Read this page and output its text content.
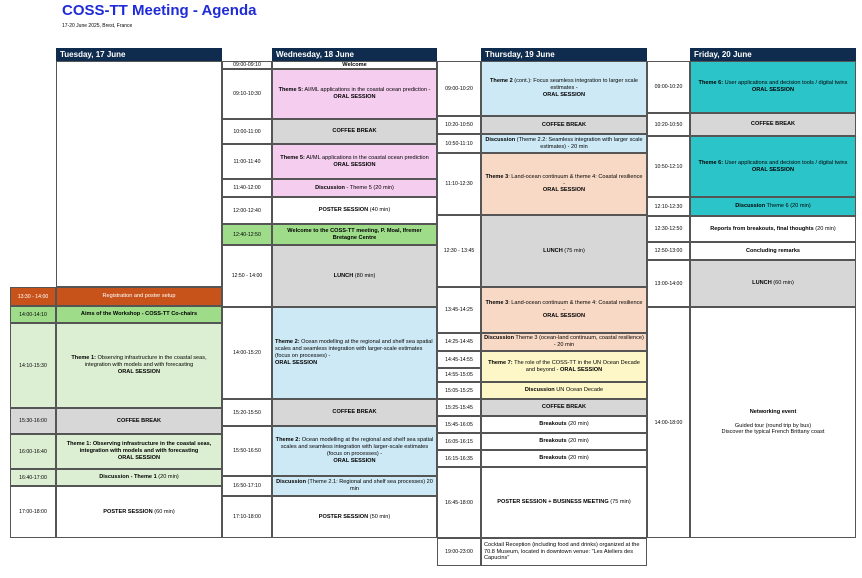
COSS-TT Meeting - Agenda
17-20 June 2025, Brest, France
Tuesday, 17 June	Wednesday, 18 June	Thursday, 19 June	Friday, 20 June
13:30 - 14:00	Registration and poster setup
14:00-14:10	Aims of the Workshop - COSS-TT Co-chairs
14:10-15:30
Theme 1: Observing infrastructure in the coastal seas, integration with models and with forecasting
ORAL SESSION
15:30-16:00	COFFEE BREAK
16:00-16:40
Theme 1: Observing infrastructure in the coastal seas, integration with models and with forecasting
ORAL SESSION
16:40-17:00	Discussion - Theme 1 (20 min)
17:00-18:00	POSTER SESSION (60 min)
09:00-09:10	Welcome
09:10-10:30
Theme 5: AI/ML applications in the coastal ocean prediction -
ORAL SESSION
10:00-11:00	COFFEE BREAK
11:00-11:40
Theme 5: AI/ML applications in the coastal ocean prediction
ORAL SESSION
11:40-12:00	Discussion - Theme 5 (20 min)
12:00-12:40	POSTER SESSION (40 min)
12:40-12:50
Welcome to the COSS-TT meeting, P. Moal, Ifremer Bretagne Centre
12:50 - 14:00	LUNCH (80 min)
14:00-15:20
Theme 2: Ocean modelling at the regional and shelf sea spatial scales and seamless integration with larger-scale estimates (focus on processes) -
ORAL SESSION
15:20-15:50	COFFEE BREAK
15:50-16:50
Theme 2: Ocean modelling at the regional and shelf sea spatial scales and seamless integration with larger-scale estimates (focus on processes) -
ORAL SESSION
16:50-17:10
Discussion (Theme 2.1: Regional and shelf sea processes) 20 min
17:10-18:00	POSTER SESSION (50 min)
09:00-10:20
Theme 2 (cont.): Focus seamless integration to larger scale estimates -
ORAL SESSION
10:20-10:50	COFFEE BREAK
10:50-11:10
Discussion (Theme 2.2: Seamless integration with larger scale estimates) - 20 min
11:10-12:30
Theme 3: Land-ocean continuum & theme 4: Coastal resilience -
ORAL SESSION
12:30 - 13:45	LUNCH (75 min)
13:45-14:25
Theme 3: Land-ocean continuum & theme 4: Coastal resilience -
ORAL SESSION
14:25-14:45
Discussion Theme 3 (ocean-land continuum, coastal resilience) - 20 min
14:45-14:55
14:55-15:05
Theme 7: The role of the COSS-TT in the UN Ocean Decade and beyond - ORAL SESSION
15:05-15:25	Discussion UN Ocean Decade
15:25-15:45	COFFEE BREAK
15:45-16:05	Breakouts (20 min)
16:05-16:15	Breakouts (20 min)
16:15-16:35	Breakouts (20 min)
16:45-18:00	POSTER SESSION + BUSINESS MEETING (75 min)
19:00-23:00
Cocktail Reception (including food and drinks) organized at the 70.8 Museum, located in downtown venue: "Les Ateliers des Capucins"
09:00-10:20
Theme 6: User applications and decision tools / digital twins
ORAL SESSION
10:20-10:50	COFFEE BREAK
10:50-12:10
Theme 6: User applications and decision tools / digital twins
ORAL SESSION
12:10-12:30	Discussion Theme 6 (20 min)
12:30-12:50	Reports from breakouts, final thoughts (20 min)
12:50-13:00	Concluding remarks
13:00-14:00	LUNCH (60 min)
14:00-18:00
Networking event

Guided tour (round trip by bus)
Discover the typical French Brittany coast
